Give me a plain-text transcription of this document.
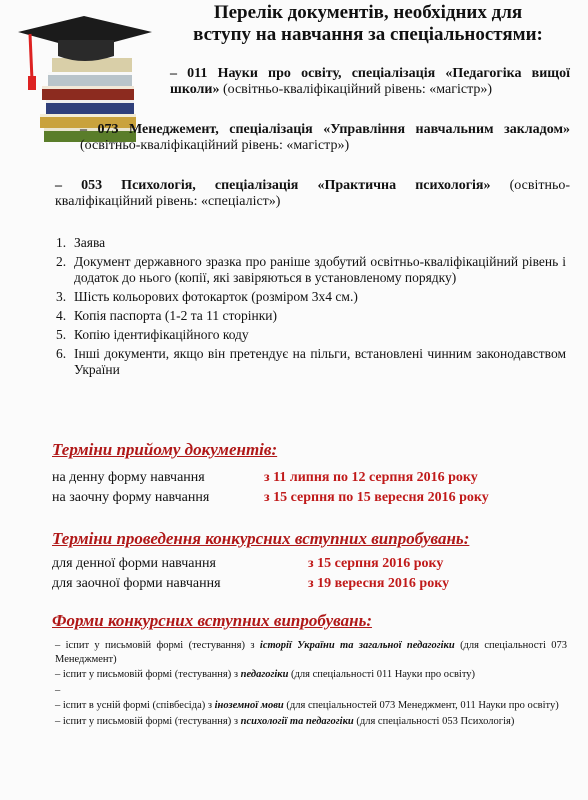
Перелік документів, необхідних для
вступу на навчання за спеціальностями:
– 011 Науки про освіту, спеціалізація «Педагогіка вищої школи» (освітньо-кваліфікаційний рівень: «магістр»)
– 073 Менеджемент, спеціалізація «Управління навчальним закладом» (освітньо-кваліфікаційний рівень: «магістр»)
– 053 Психологія, спеціалізація «Практична психологія» (освітньо-кваліфікаційний рівень: «спеціаліст»)
1. Заява
2. Документ державного зразка про раніше здобутий освітньо-кваліфікаційний рівень і додаток до нього (копії, які завіряються в установленому порядку)
3. Шість кольорових фотокарток (розміром 3х4 см.)
4. Копія паспорта (1-2 та 11 сторінки)
5. Копію ідентифікаційного коду
6. Інші документи, якщо він претендує на пільги, встановлені чинним законодавством України
Терміни прийому документів:
на денну форму навчання	з 11 липня по 12 серпня 2016 року
на заочну форму навчання	з 15 серпня по 15 вересня 2016 року
Терміни проведення конкурсних вступних випробувань:
для денної форми навчання	з 15 серпня 2016 року
для заочної форми навчання	з 19 вересня 2016 року
Форми конкурсних вступних випробувань:
– іспит у письмовій формі (тестування) з історії України та загальної педагогіки (для спеціальності 073 Менеджмент)
– іспит у письмовій формі (тестування) з педагогіки (для спеціальності 011 Науки про освіту)
–
– іспит в усній формі (співбесіда) з іноземної мови (для спеціальностей 073 Менеджмент, 011 Науки про освіту)
– іспит у письмовій формі (тестування) з психології та педагогіки (для спеціальності 053 Психологія)
